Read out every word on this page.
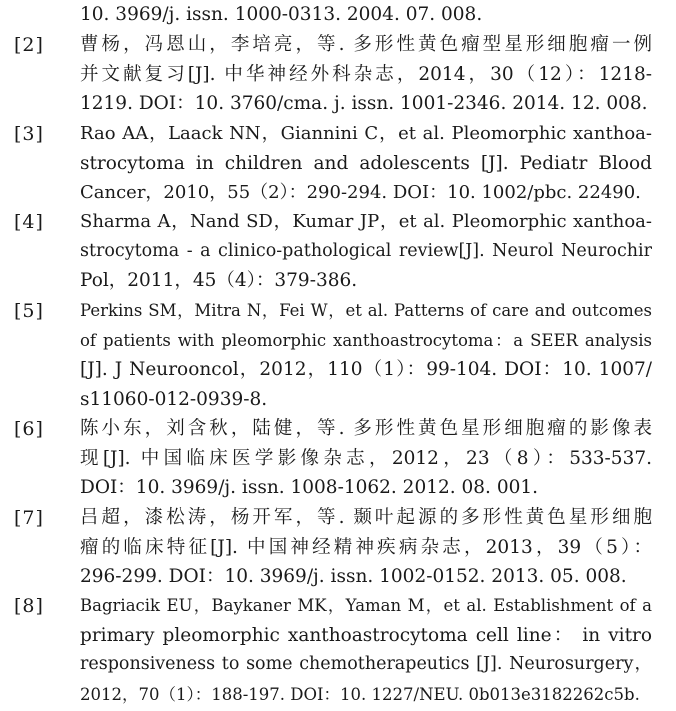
10. 3969/j. issn. 1000-0313. 2004. 07. 008.
[2]	曹杨，冯恩山，李培亮，等. 多形性黄色瘤型星形细胞瘤一例
并文献复习[J]. 中华神经外科杂志，2014，30（12）：1218-
1219. DOI：10. 3760/cma. j. issn. 1001-2346. 2014. 12. 008.
[3]	Rao AA，Laack NN，Giannini C，et al. Pleomorphic xanthoa-
strocytoma in children and adolescents [J]. Pediatr Blood
Cancer，2010，55（2）：290-294. DOI：10. 1002/pbc. 22490.
[4]	Sharma A，Nand SD，Kumar JP，et al. Pleomorphic xanthoa-
strocytoma - a clinico-pathological review[J]. Neurol Neurochir
Pol，2011，45（4）：379-386.
[5]	Perkins SM，Mitra N，Fei W，et al. Patterns of care and outcomes
of patients with pleomorphic xanthoastrocytoma：a SEER analysis
[J]. J Neurooncol，2012，110（1）：99-104. DOI：10. 1007/
s11060-012-0939-8.
[6]	陈小东，刘含秋，陆健，等. 多形性黄色星形细胞瘤的影像表
现[J]. 中国临床医学影像杂志，2012，23（8）：533-537.
DOI：10. 3969/j. issn. 1008-1062. 2012. 08. 001.
[7]	吕超，漆松涛，杨开军，等. 颞叶起源的多形性黄色星形细胞
瘤的临床特征[J]. 中国神经精神疾病杂志，2013，39（5）：
296-299. DOI：10. 3969/j. issn. 1002-0152. 2013. 05. 008.
[8]	Bagriacik EU，Baykaner MK，Yaman M，et al. Establishment of a
primary pleomorphic xanthoastrocytoma cell line： in vitro
responsiveness to some chemotherapeutics [J]. Neurosurgery，
2012，70（1）：188-197. DOI：10. 1227/NEU. 0b013e3182262c5b.
